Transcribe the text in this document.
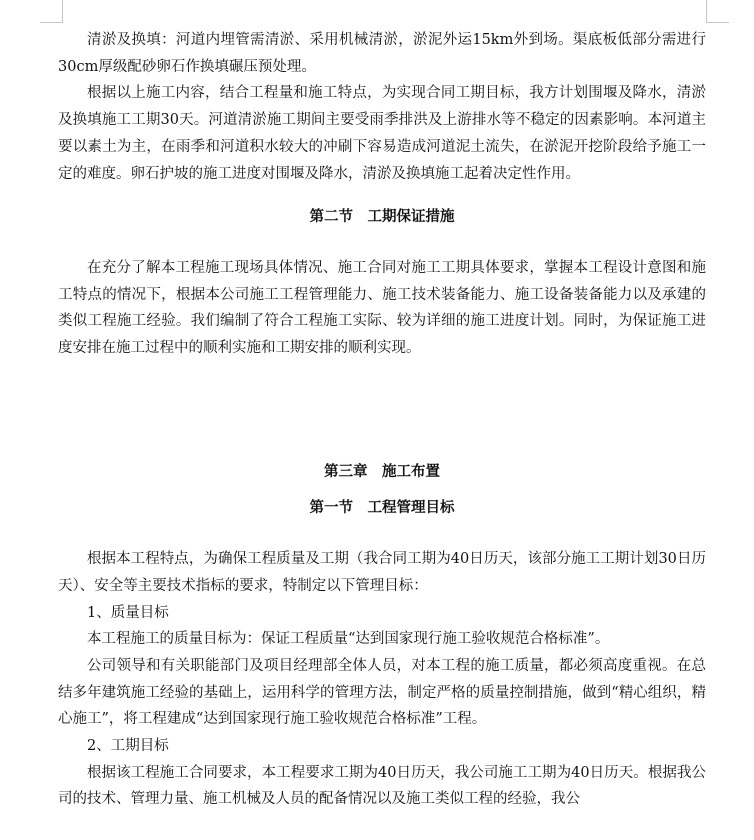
清淤及换填：河道内埋管需清淤、采用机械清淤，淤泥外运15km外到场。渠底板低部分需进行30cm厚级配砂卵石作换填碾压预处理。

根据以上施工内容，结合工程量和施工特点，为实现合同工期目标，我方计划围堰及降水，清淤及换填施工工期30天。河道清淤施工期间主要受雨季排洪及上游排水等不稳定的因素影响。本河道主要以素土为主，在雨季和河道积水较大的冲刷下容易造成河道泥土流失，在淤泥开挖阶段给予施工一定的难度。卵石护坡的施工进度对围堰及降水，清淤及换填施工起着决定性作用。

第二节　工期保证措施

在充分了解本工程施工现场具体情况、施工合同对施工工期具体要求，掌握本工程设计意图和施工特点的情况下，根据本公司施工工程管理能力、施工技术装备能力、施工设备装备能力以及承建的类似工程施工经验。我们编制了符合工程施工实际、较为详细的施工进度计划。同时，为保证施工进度安排在施工过程中的顺利实施和工期安排的顺利实现。

第三章　施工布置
第一节　工程管理目标

根据本工程特点，为确保工程质量及工期（我合同工期为40日历天，该部分施工工期计划30日历天）、安全等主要技术指标的要求，特制定以下管理目标：

1、质量目标

本工程施工的质量目标为：保证工程质量“达到国家现行施工验收规范合格标准”。

公司领导和有关职能部门及项目经理部全体人员，对本工程的施工质量，都必须高度重视。在总结多年建筑施工经验的基础上，运用科学的管理方法，制定严格的质量控制措施，做到“精心组织，精心施工”，将工程建成“达到国家现行施工验收规范合格标准”工程。

2、工期目标

根据该工程施工合同要求，本工程要求工期为40日历天，我公司施工工期为40日历天。根据我公司的技术、管理力量、施工机械及人员的配备情况以及施工类似工程的经验，我公
